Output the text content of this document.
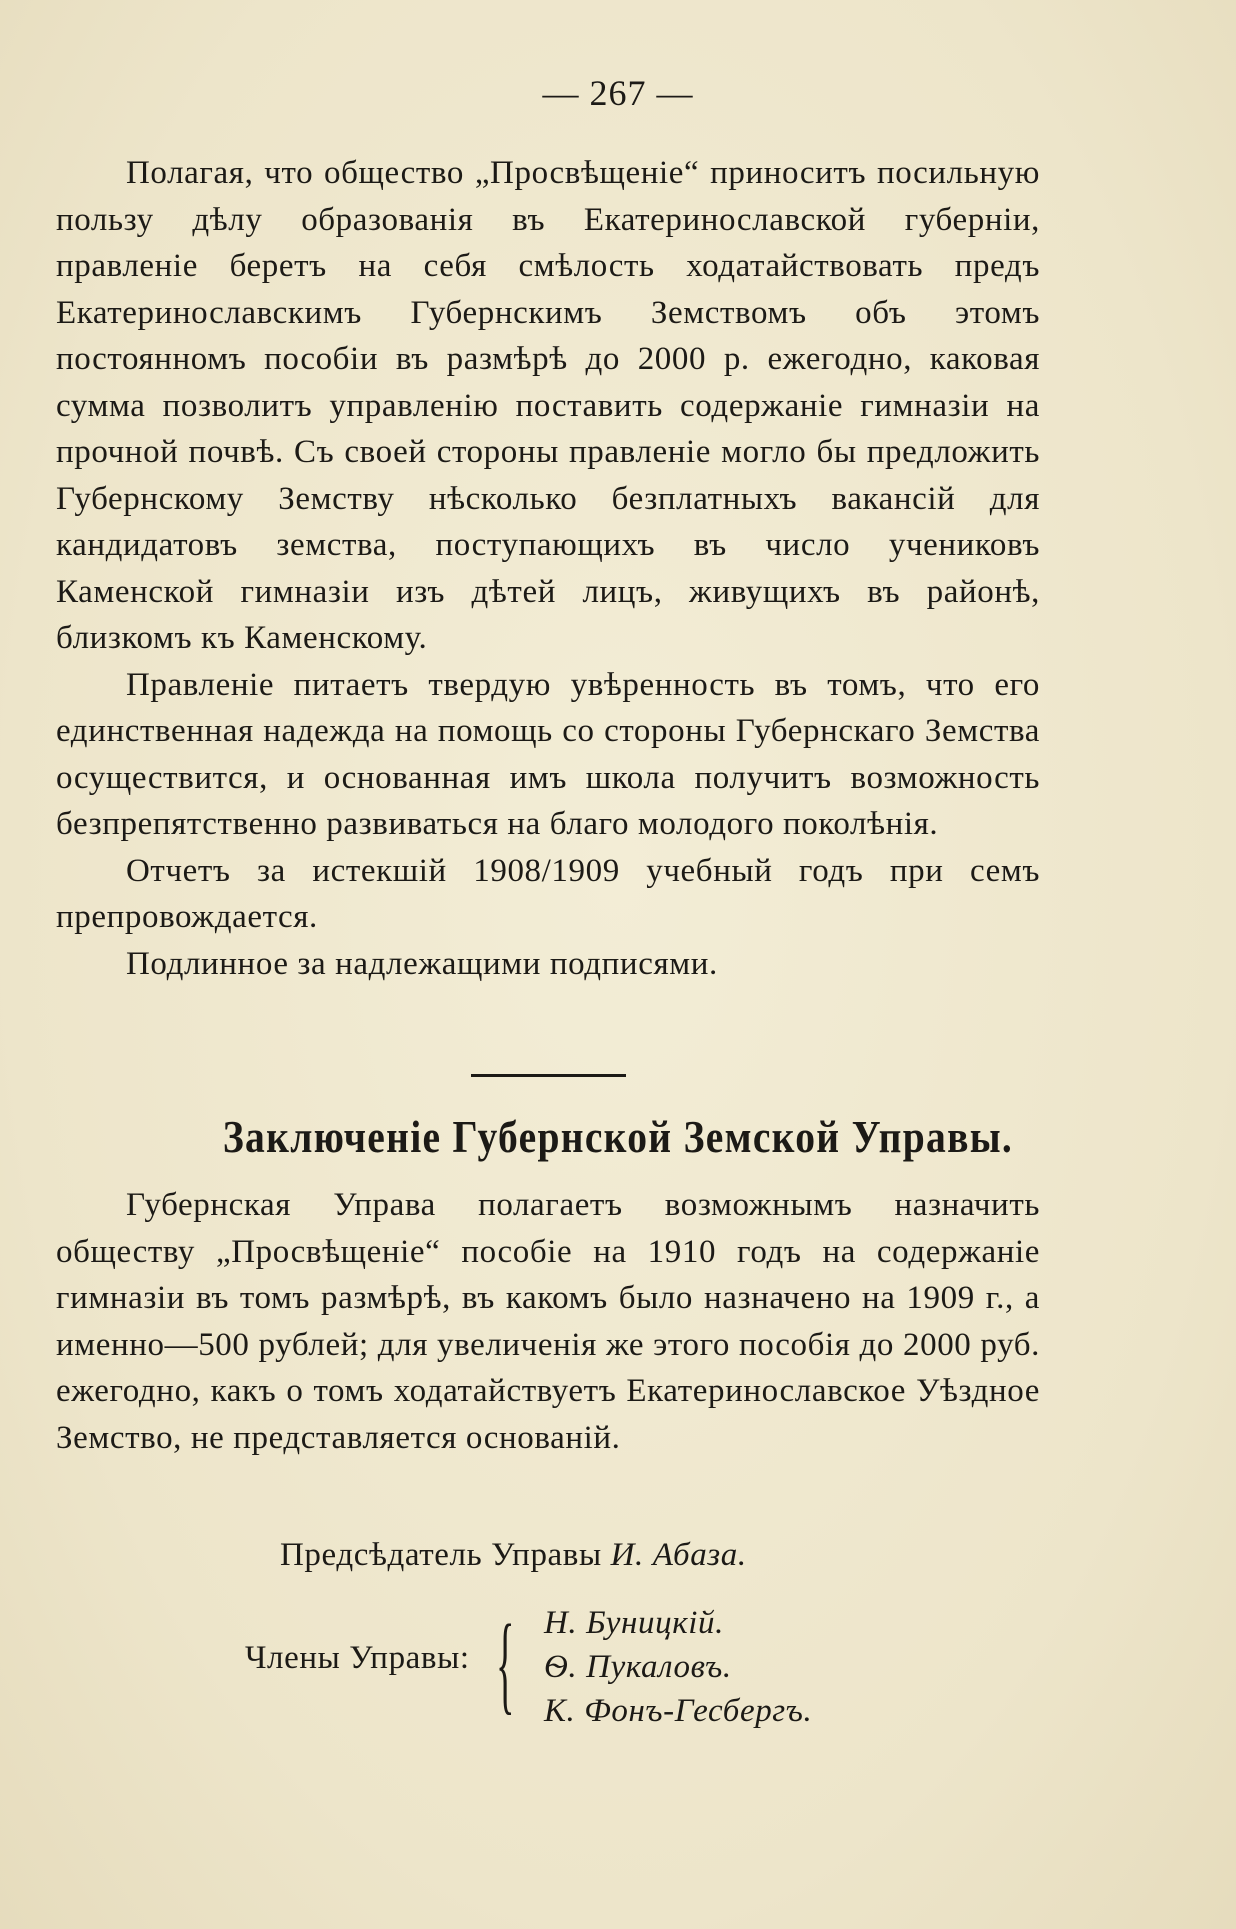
— 267 —

Полагая, что общество „Просвѣщеніе“ приноситъ посильную пользу дѣлу образованія въ Екатеринославской губерніи, правленіе беретъ на себя смѣлость ходатайствовать предъ Екатеринославскимъ Губернскимъ Земствомъ объ этомъ постоянномъ пособіи въ размѣрѣ до 2000 р. ежегодно, каковая сумма позволитъ управленію поставить содержаніе гимназіи на прочной почвѣ. Съ своей стороны правленіе могло бы предложить Губернскому Земству нѣсколько безплатныхъ вакансій для кандидатовъ земства, поступающихъ въ число учениковъ Каменской гимназіи изъ дѣтей лицъ, живущихъ въ районѣ, близкомъ къ Каменскому.

Правленіе питаетъ твердую увѣренность въ томъ, что его единственная надежда на помощь со стороны Губернскаго Земства осуществится, и основанная имъ школа получитъ возможность безпрепятственно развиваться на благо молодого поколѣнія.

Отчетъ за истекшій 1908/1909 учебный годъ при семъ препровождается.

Подлинное за надлежащими подписями.

Заключеніе Губернской Земской Управы.

Губернская Управа полагаетъ возможнымъ назначить обществу „Просвѣщеніе“ пособіе на 1910 годъ на содержаніе гимназіи въ томъ размѣрѣ, въ какомъ было назначено на 1909 г., а именно—500 рублей; для увеличенія же этого пособія до 2000 руб. ежегодно, какъ о томъ ходатайствуетъ Екатеринославское Уѣздное Земство, не представляется основаній.

Предсѣдатель Управы И. Абаза.
Члены Управы: { Н. Буницкій.
Ѳ. Пукаловъ.
К. Фонъ-Гесбергъ.
